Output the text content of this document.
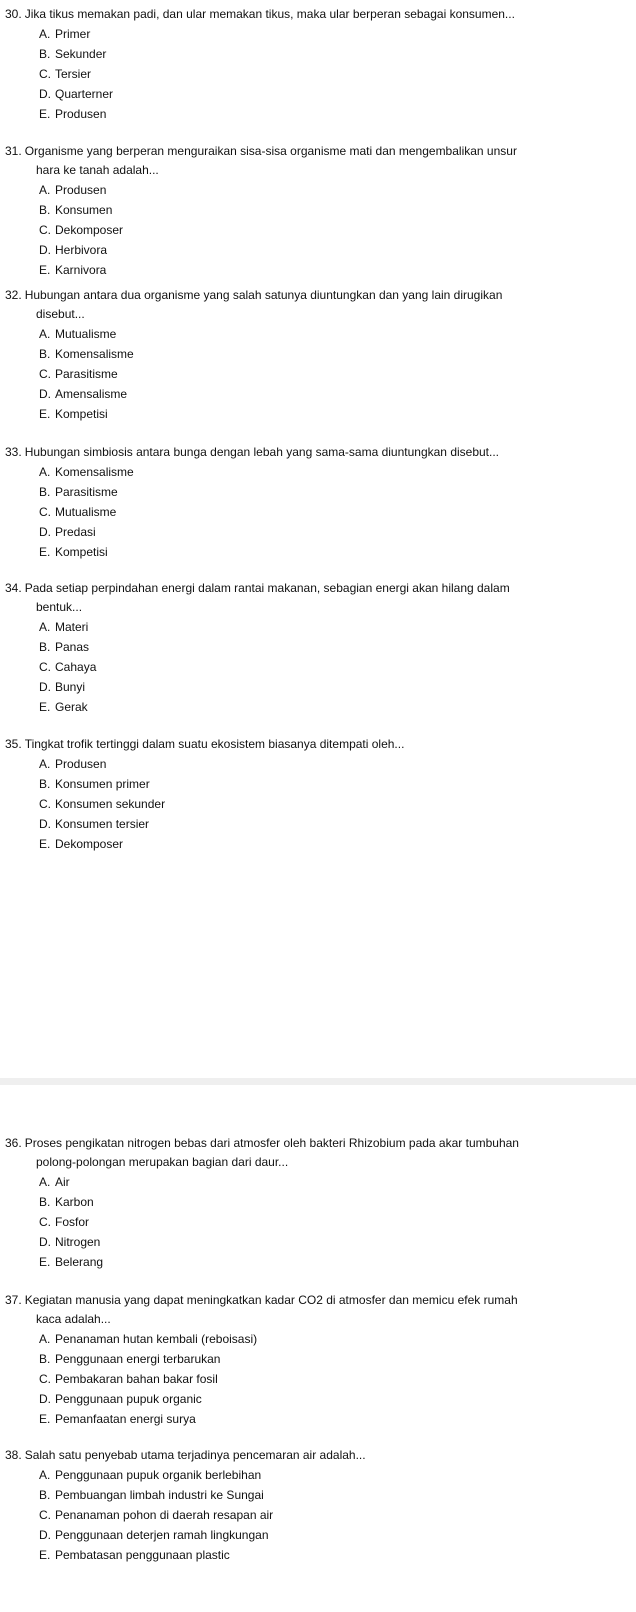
30. Jika tikus memakan padi, dan ular memakan tikus, maka ular berperan sebagai konsumen...

A. Primer
B. Sekunder
C. Tersier
D. Quarterner
E. Produsen

31. Organisme yang berperan menguraikan sisa-sisa organisme mati dan mengembalikan unsur

hara ke tanah adalah...

A. Produsen
B. Konsumen
C. Dekomposer
D. Herbivora
E. Karnivora

32. Hubungan antara dua organisme yang salah satunya diuntungkan dan yang lain dirugikan

disebut...

A. Mutualisme
B. Komensalisme
C. Parasitisme
D. Amensalisme
E. Kompetisi

33. Hubungan simbiosis antara bunga dengan lebah yang sama-sama diuntungkan disebut...

A. Komensalisme
B. Parasitisme
C. Mutualisme
D. Predasi
E. Kompetisi

34. Pada setiap perpindahan energi dalam rantai makanan, sebagian energi akan hilang dalam

bentuk...

A. Materi
B. Panas
C. Cahaya
D. Bunyi
E. Gerak

35. Tingkat trofik tertinggi dalam suatu ekosistem biasanya ditempati oleh...

A. Produsen
B. Konsumen primer
C. Konsumen sekunder
D. Konsumen tersier
E. Dekomposer

36. Proses pengikatan nitrogen bebas dari atmosfer oleh bakteri Rhizobium pada akar tumbuhan

polong-polongan merupakan bagian dari daur...

A. Air
B. Karbon
C. Fosfor
D. Nitrogen
E. Belerang

37. Kegiatan manusia yang dapat meningkatkan kadar CO2 di atmosfer dan memicu efek rumah

kaca adalah...

A. Penanaman hutan kembali (reboisasi)
B. Penggunaan energi terbarukan
C. Pembakaran bahan bakar fosil
D. Penggunaan pupuk organic
E. Pemanfaatan energi surya

38. Salah satu penyebab utama terjadinya pencemaran air adalah...

A. Penggunaan pupuk organik berlebihan
B. Pembuangan limbah industri ke Sungai
C. Penanaman pohon di daerah resapan air
D. Penggunaan deterjen ramah lingkungan
E. Pembatasan penggunaan plastic
